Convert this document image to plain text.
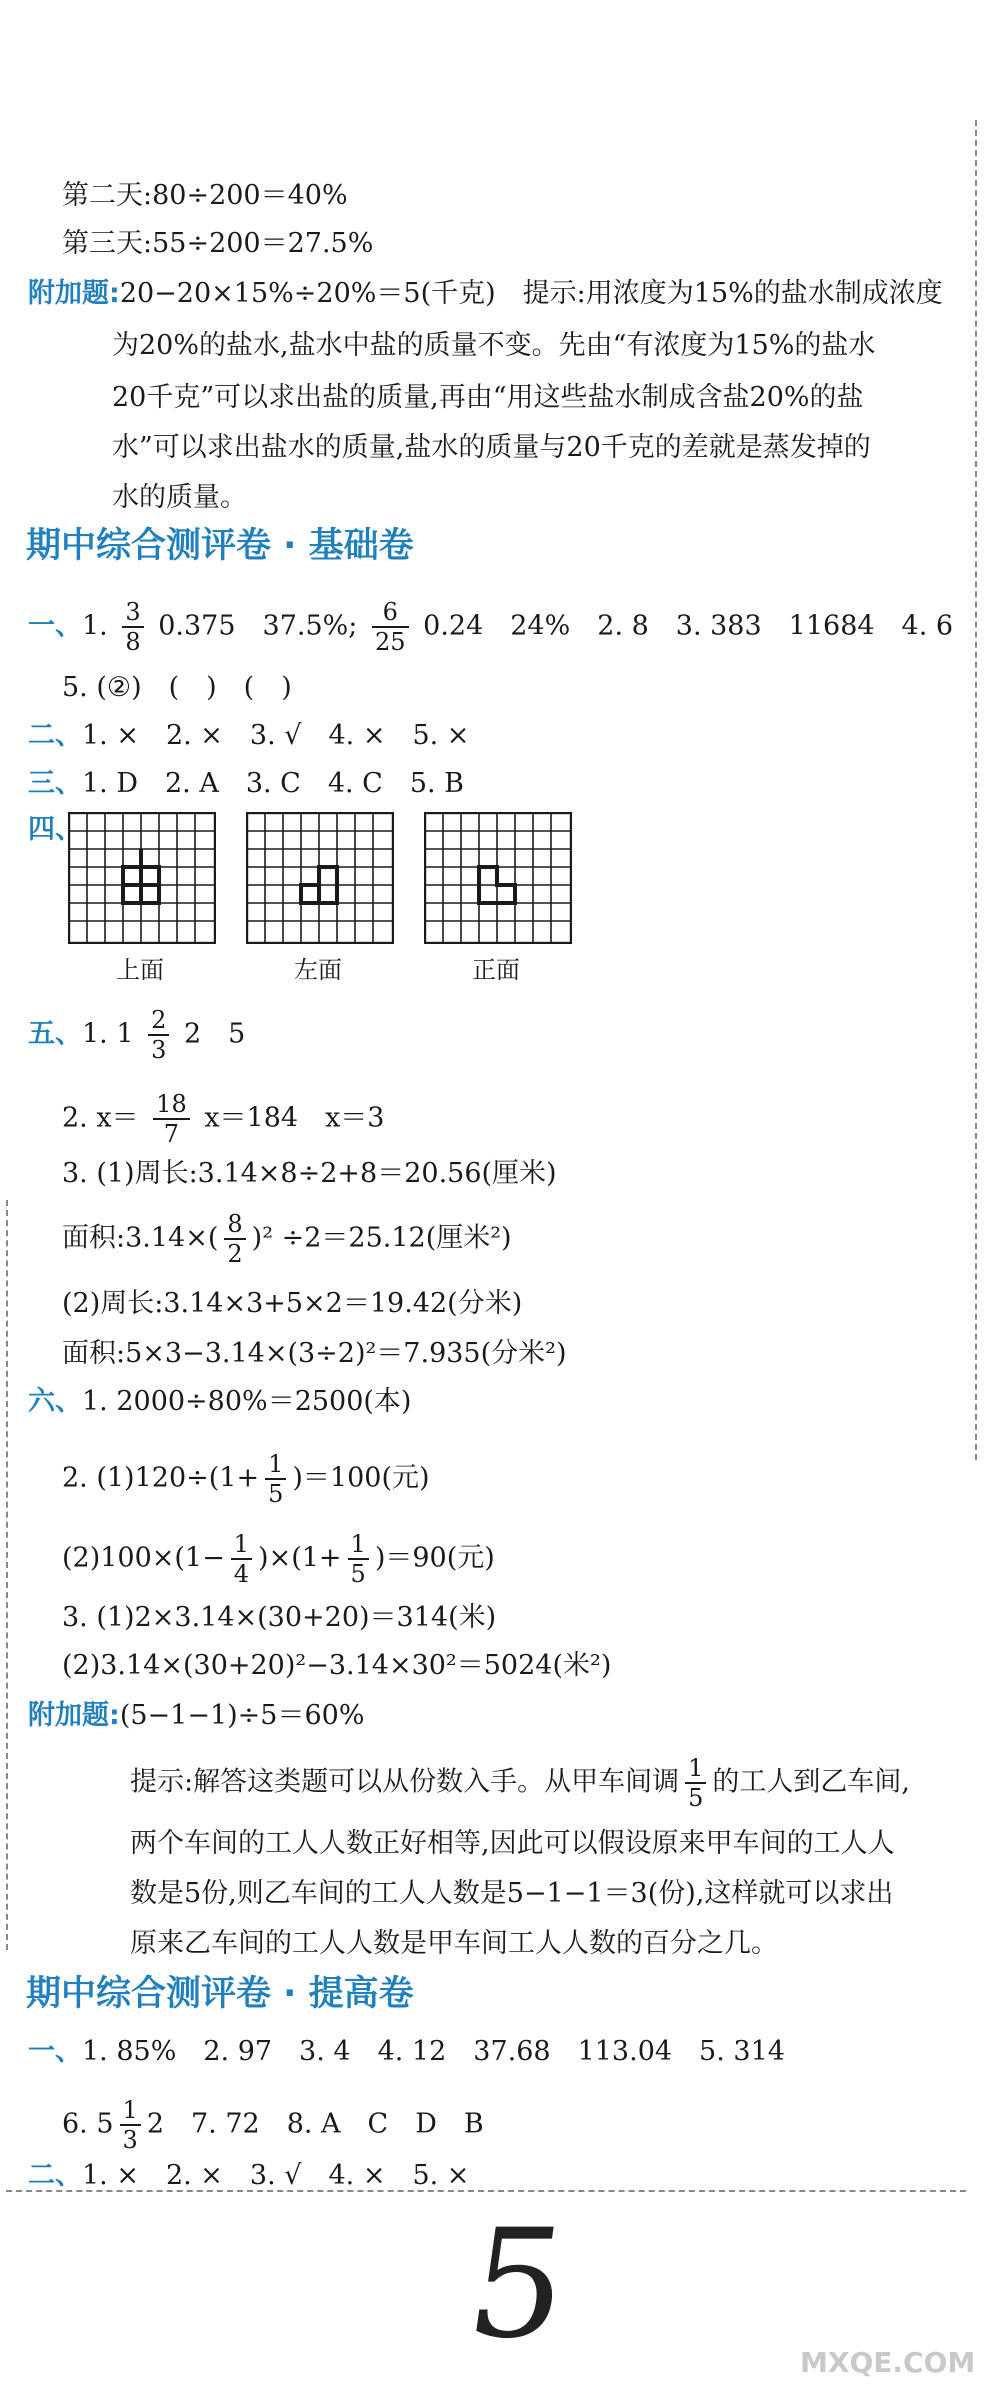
第二天:80÷200＝40%
第三天:55÷200＝27.5%
附加题:20−20×15%÷20%＝5(千克)　提示:用浓度为15%的盐水制成浓度
为20%的盐水,盐水中盐的质量不变。先由“有浓度为15%的盐水
20千克”可以求出盐的质量,再由“用这些盐水制成含盐20%的盐
水”可以求出盐水的质量,盐水的质量与20千克的差就是蒸发掉的
水的质量。
期中综合测评卷 · 基础卷
一、1. $\frac{3}{8} 0.375$　37.5%; $\frac{6}{25} 0.24$　24%　2. 8　3. 383　11684　4. 6
5. (②)　(　)　(　)
二、1. ×　2. ×　3. √　4. ×　5. ×
三、1. D　2. A　3. C　4. C　5. B
四、
上面	左面	正面
五、1. $1 \frac{2}{3} 2$　5
2. $x= \frac{18}{7} x=184$　x＝3
3. (1)周长:3.14×8÷2+8＝20.56(厘米)
面积:3.14×( $\frac{8}{2} )^2 \div 2=25.12$(厘米²)
(2)周长:3.14×3+5×2＝19.42(分米)
面积:5×3−3.14×(3÷2)²＝7.935(分米²)
六、1. 2000÷80%＝2500(本)
2. $(1)120\div(1+ \frac{1}{5} )=100$(元)
$(2)100\times(1- \frac{1}{4} )\times(1+ \frac{1}{5} )=90$(元)
3. (1)2×3.14×(30+20)＝314(米)
(2)3.14×(30+20)²−3.14×30²＝5024(米²)
附加题:(5−1−1)÷5＝60%
提示:解答这类题可以从份数入手。从甲车间调 $\frac{1}{5}$ 的工人到乙车间,
两个车间的工人人数正好相等,因此可以假设原来甲车间的工人人
数是5份,则乙车间的工人人数是5−1−1＝3(份),这样就可以求出
原来乙车间的工人人数是甲车间工人人数的百分之几。
期中综合测评卷 · 提高卷
一、1. 85%　2. 97　3. 4　4. 12　37.68　113.04　5. 314
6. $5 \frac{1}{3} 2$　7. 72　8. A　C　D　B
二、1. ×　2. ×　3. √　4. ×　5. ×
5	MXQE.COM
